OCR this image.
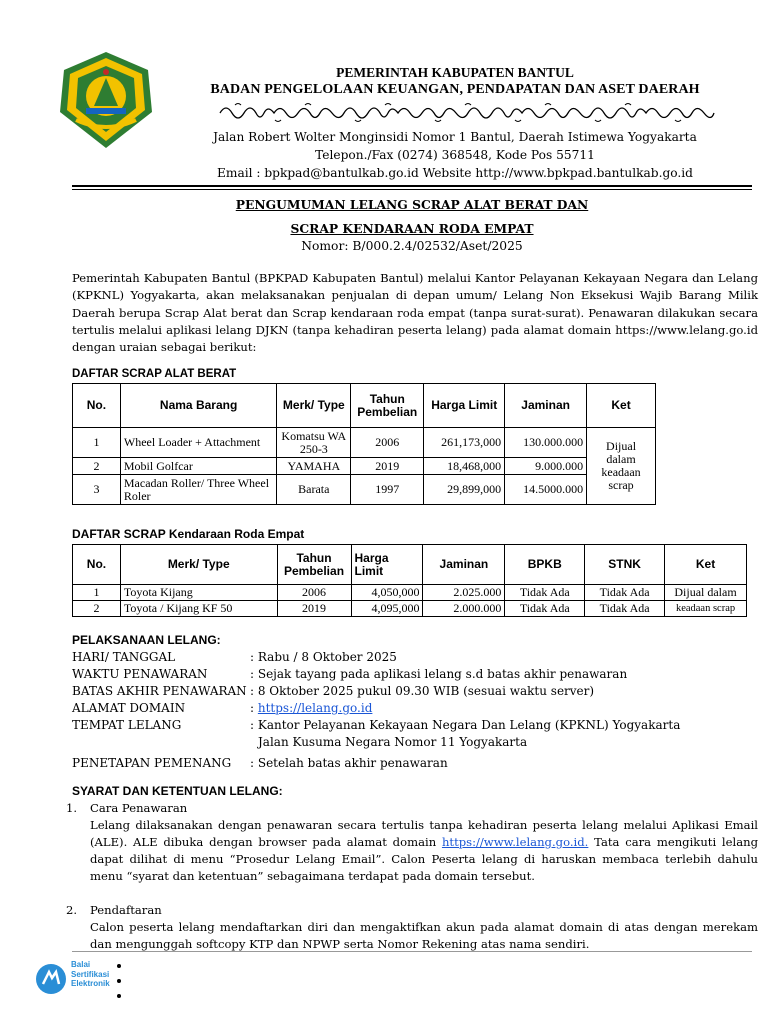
PEMERINTAH KABUPATEN BANTUL
BADAN PENGELOLAAN KEUANGAN, PENDAPATAN DAN ASET DAERAH
Jalan Robert Wolter Monginsidi Nomor 1 Bantul, Daerah Istimewa Yogyakarta
Telepon./Fax (0274) 368548, Kode Pos 55711
Email : bpkpad@bantulkab.go.id Website http://www.bpkpad.bantulkab.go.id
PENGUMUMAN LELANG SCRAP ALAT BERAT DAN
SCRAP KENDARAAN RODA EMPAT
Nomor: B/000.2.4/02532/Aset/2025
Pemerintah Kabupaten Bantul (BPKPAD Kabupaten Bantul) melalui Kantor Pelayanan Kekayaan Negara dan Lelang (KPKNL) Yogyakarta, akan melaksanakan penjualan di depan umum/ Lelang Non Eksekusi Wajib Barang Milik Daerah berupa Scrap Alat berat dan Scrap kendaraan roda empat (tanpa surat-surat). Penawaran dilakukan secara tertulis melalui aplikasi lelang DJKN (tanpa kehadiran peserta lelang) pada alamat domain https://www.lelang.go.id dengan uraian sebagai berikut:
DAFTAR SCRAP ALAT BERAT
No.	Nama Barang	Merk/ Type	Tahun Pembelian	Harga Limit	Jaminan	Ket
1	Wheel Loader + Attachment	Komatsu WA 250-3	2006	261,173,000	130.000.000	Dijual dalam keadaan scrap
2	Mobil Golfcar	YAMAHA	2019	18,468,000	9.000.000	
3	Macadan Roller/ Three Wheel Roler	Barata	1997	29,899,000	14.5000.000	
DAFTAR SCRAP Kendaraan Roda Empat
No.	Merk/ Type	Tahun Pembelian	Harga Limit	Jaminan	BPKB	STNK	Ket
1	Toyota Kijang	2006	4,050,000	2.025.000	Tidak Ada	Tidak Ada	Dijual dalam
2	Toyota / Kijang KF 50	2019	4,095,000	2.000.000	Tidak Ada	Tidak Ada	keadaan scrap
PELAKSANAAN LELANG:
HARI/ TANGGAL	: Rabu / 8 Oktober 2025
WAKTU PENAWARAN	: Sejak tayang pada aplikasi lelang s.d batas akhir penawaran
BATAS AKHIR PENAWARAN : 8 Oktober 2025 pukul 09.30 WIB (sesuai waktu server)
ALAMAT DOMAIN	: https://lelang.go.id
TEMPAT LELANG	: Kantor Pelayanan Kekayaan Negara Dan Lelang (KPKNL) Yogyakarta
Jalan Kusuma Negara Nomor 11 Yogyakarta
PENETAPAN PEMENANG	: Setelah batas akhir penawaran
SYARAT DAN KETENTUAN LELANG:
1.	Cara Penawaran
Lelang dilaksanakan dengan penawaran secara tertulis tanpa kehadiran peserta lelang melalui Aplikasi Email (ALE). ALE dibuka dengan browser pada alamat domain https://www.lelang.go.id. Tata cara mengikuti lelang dapat dilihat di menu “Prosedur Lelang Email”. Calon Peserta lelang di haruskan membaca terlebih dahulu menu “syarat dan ketentuan” sebagaimana terdapat pada domain tersebut.
2.	Pendaftaran
Calon peserta lelang mendaftarkan diri dan mengaktifkan akun pada alamat domain di atas dengan merekam dan mengunggah softcopy KTP dan NPWP serta Nomor Rekening atas nama sendiri.
Balai
Sertifikasi
Elektronik
